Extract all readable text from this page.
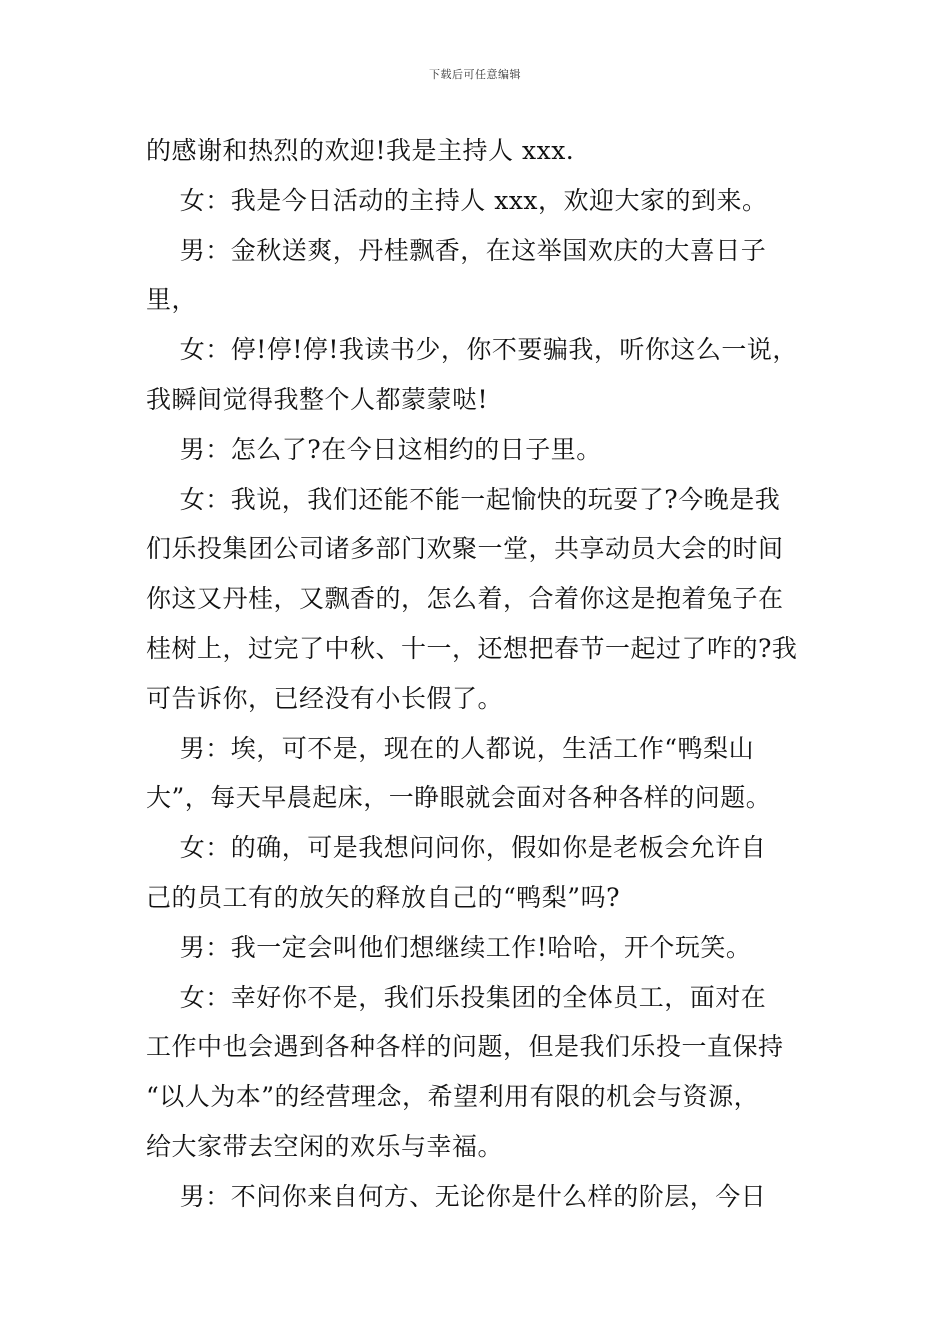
下载后可任意编辑
的感谢和热烈的欢迎!我是主持人 xxx.
女：我是今日活动的主持人 xxx，欢迎大家的到来。
男：金秋送爽，丹桂飘香，在这举国欢庆的大喜日子
里，
女：停!停!停!我读书少，你不要骗我，听你这么一说，
我瞬间觉得我整个人都蒙蒙哒!
男：怎么了?在今日这相约的日子里。
女：我说，我们还能不能一起愉快的玩耍了?今晚是我
们乐投集团公司诸多部门欢聚一堂，共享动员大会的时间
你这又丹桂，又飘香的，怎么着，合着你这是抱着兔子在
桂树上，过完了中秋、十一，还想把春节一起过了咋的?我
可告诉你，已经没有小长假了。
男：埃，可不是，现在的人都说，生活工作“鸭梨山
大”，每天早晨起床，一睁眼就会面对各种各样的问题。
女：的确，可是我想问问你，假如你是老板会允许自
己的员工有的放矢的释放自己的“鸭梨”吗?
男：我一定会叫他们想继续工作!哈哈，开个玩笑。
女：幸好你不是，我们乐投集团的全体员工，面对在
工作中也会遇到各种各样的问题，但是我们乐投一直保持
“以人为本”的经营理念，希望利用有限的机会与资源，
给大家带去空闲的欢乐与幸福。
男：不问你来自何方、无论你是什么样的阶层，今日
